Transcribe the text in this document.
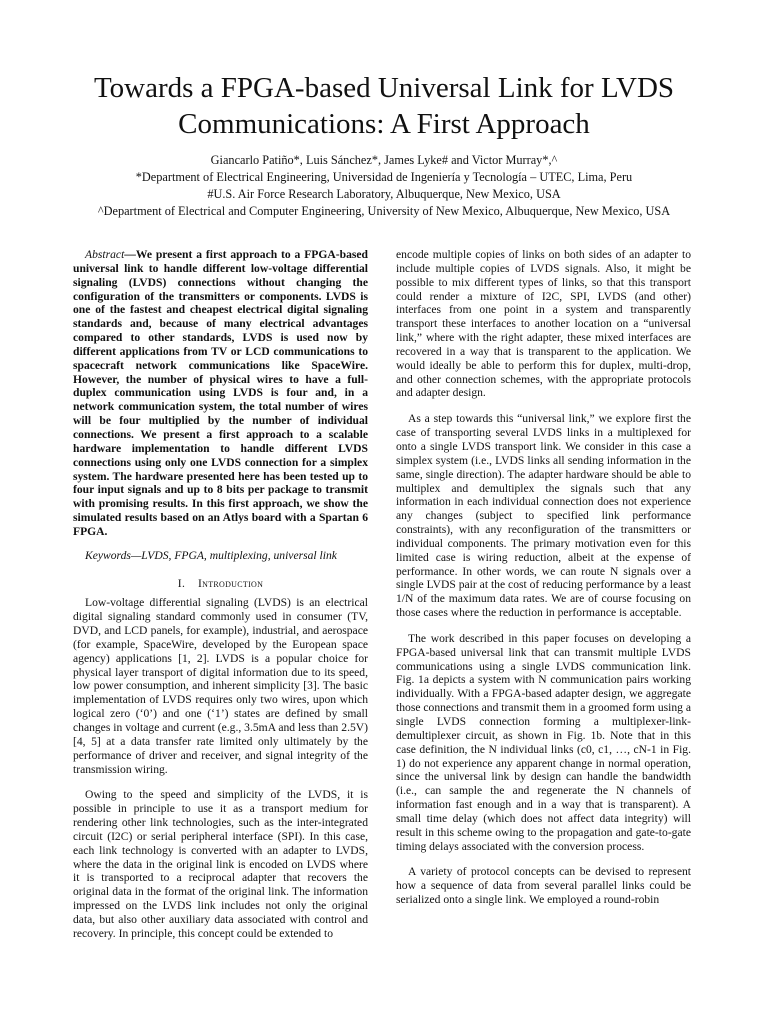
Towards a FPGA-based Universal Link for LVDS
Communications: A First Approach
Giancarlo Patiño*, Luis Sánchez*, James Lyke# and Victor Murray*,^
*Department of Electrical Engineering, Universidad de Ingeniería y Tecnología – UTEC, Lima, Peru
#U.S. Air Force Research Laboratory, Albuquerque, New Mexico, USA
^Department of Electrical and Computer Engineering, University of New Mexico, Albuquerque, New Mexico, USA

Abstract—We present a first approach to a FPGA-based universal link to handle different low-voltage differential signaling (LVDS) connections without changing the configuration of the transmitters or components. LVDS is one of the fastest and cheapest electrical digital signaling standards and, because of many electrical advantages compared to other standards, LVDS is used now by different applications from TV or LCD communications to spacecraft network communications like SpaceWire. However, the number of physical wires to have a full-duplex communication using LVDS is four and, in a network communication system, the total number of wires will be four multiplied by the number of individual connections. We present a first approach to a scalable hardware implementation to handle different LVDS connections using only one LVDS connection for a simplex system. The hardware presented here has been tested up to four input signals and up to 8 bits per package to transmit with promising results. In this first approach, we show the simulated results based on an Atlys board with a Spartan 6 FPGA.

Keywords—LVDS, FPGA, multiplexing, universal link

I. Introduction

Low-voltage differential signaling (LVDS) is an electrical digital signaling standard commonly used in consumer (TV, DVD, and LCD panels, for example), industrial, and aerospace (for example, SpaceWire, developed by the European space agency) applications [1, 2]. LVDS is a popular choice for physical layer transport of digital information due to its speed, low power consumption, and inherent simplicity [3]. The basic implementation of LVDS requires only two wires, upon which logical zero (‘0’) and one (‘1’) states are defined by small changes in voltage and current (e.g., 3.5mA and less than 2.5V) [4, 5] at a data transfer rate limited only ultimately by the performance of driver and receiver, and signal integrity of the transmission wiring.

Owing to the speed and simplicity of the LVDS, it is possible in principle to use it as a transport medium for rendering other link technologies, such as the inter-integrated circuit (I2C) or serial peripheral interface (SPI). In this case, each link technology is converted with an adapter to LVDS, where the data in the original link is encoded on LVDS where it is transported to a reciprocal adapter that recovers the original data in the format of the original link. The information impressed on the LVDS link includes not only the original data, but also other auxiliary data associated with control and recovery. In principle, this concept could be extended to

encode multiple copies of links on both sides of an adapter to include multiple copies of LVDS signals. Also, it might be possible to mix different types of links, so that this transport could render a mixture of I2C, SPI, LVDS (and other) interfaces from one point in a system and transparently transport these interfaces to another location on a “universal link,” where with the right adapter, these mixed interfaces are recovered in a way that is transparent to the application. We would ideally be able to perform this for duplex, multi-drop, and other connection schemes, with the appropriate protocols and adapter design.

As a step towards this “universal link,” we explore first the case of transporting several LVDS links in a multiplexed for onto a single LVDS transport link. We consider in this case a simplex system (i.e., LVDS links all sending information in the same, single direction). The adapter hardware should be able to multiplex and demultiplex the signals such that any information in each individual connection does not experience any changes (subject to specified link performance constraints), with any reconfiguration of the transmitters or individual components. The primary motivation even for this limited case is wiring reduction, albeit at the expense of performance. In other words, we can route N signals over a single LVDS pair at the cost of reducing performance by a least 1/N of the maximum data rates. We are of course focusing on those cases where the reduction in performance is acceptable.

The work described in this paper focuses on developing a FPGA-based universal link that can transmit multiple LVDS communications using a single LVDS communication link. Fig. 1a depicts a system with N communication pairs working individually. With a FPGA-based adapter design, we aggregate those connections and transmit them in a groomed form using a single LVDS connection forming a multiplexer-link-demultiplexer circuit, as shown in Fig. 1b. Note that in this case definition, the N individual links (c0, c1, …, cN-1 in Fig. 1) do not experience any apparent change in normal operation, since the universal link by design can handle the bandwidth (i.e., can sample the and regenerate the N channels of information fast enough and in a way that is transparent). A small time delay (which does not affect data integrity) will result in this scheme owing to the propagation and gate-to-gate timing delays associated with the conversion process.

A variety of protocol concepts can be devised to represent how a sequence of data from several parallel links could be serialized onto a single link. We employed a round-robin
